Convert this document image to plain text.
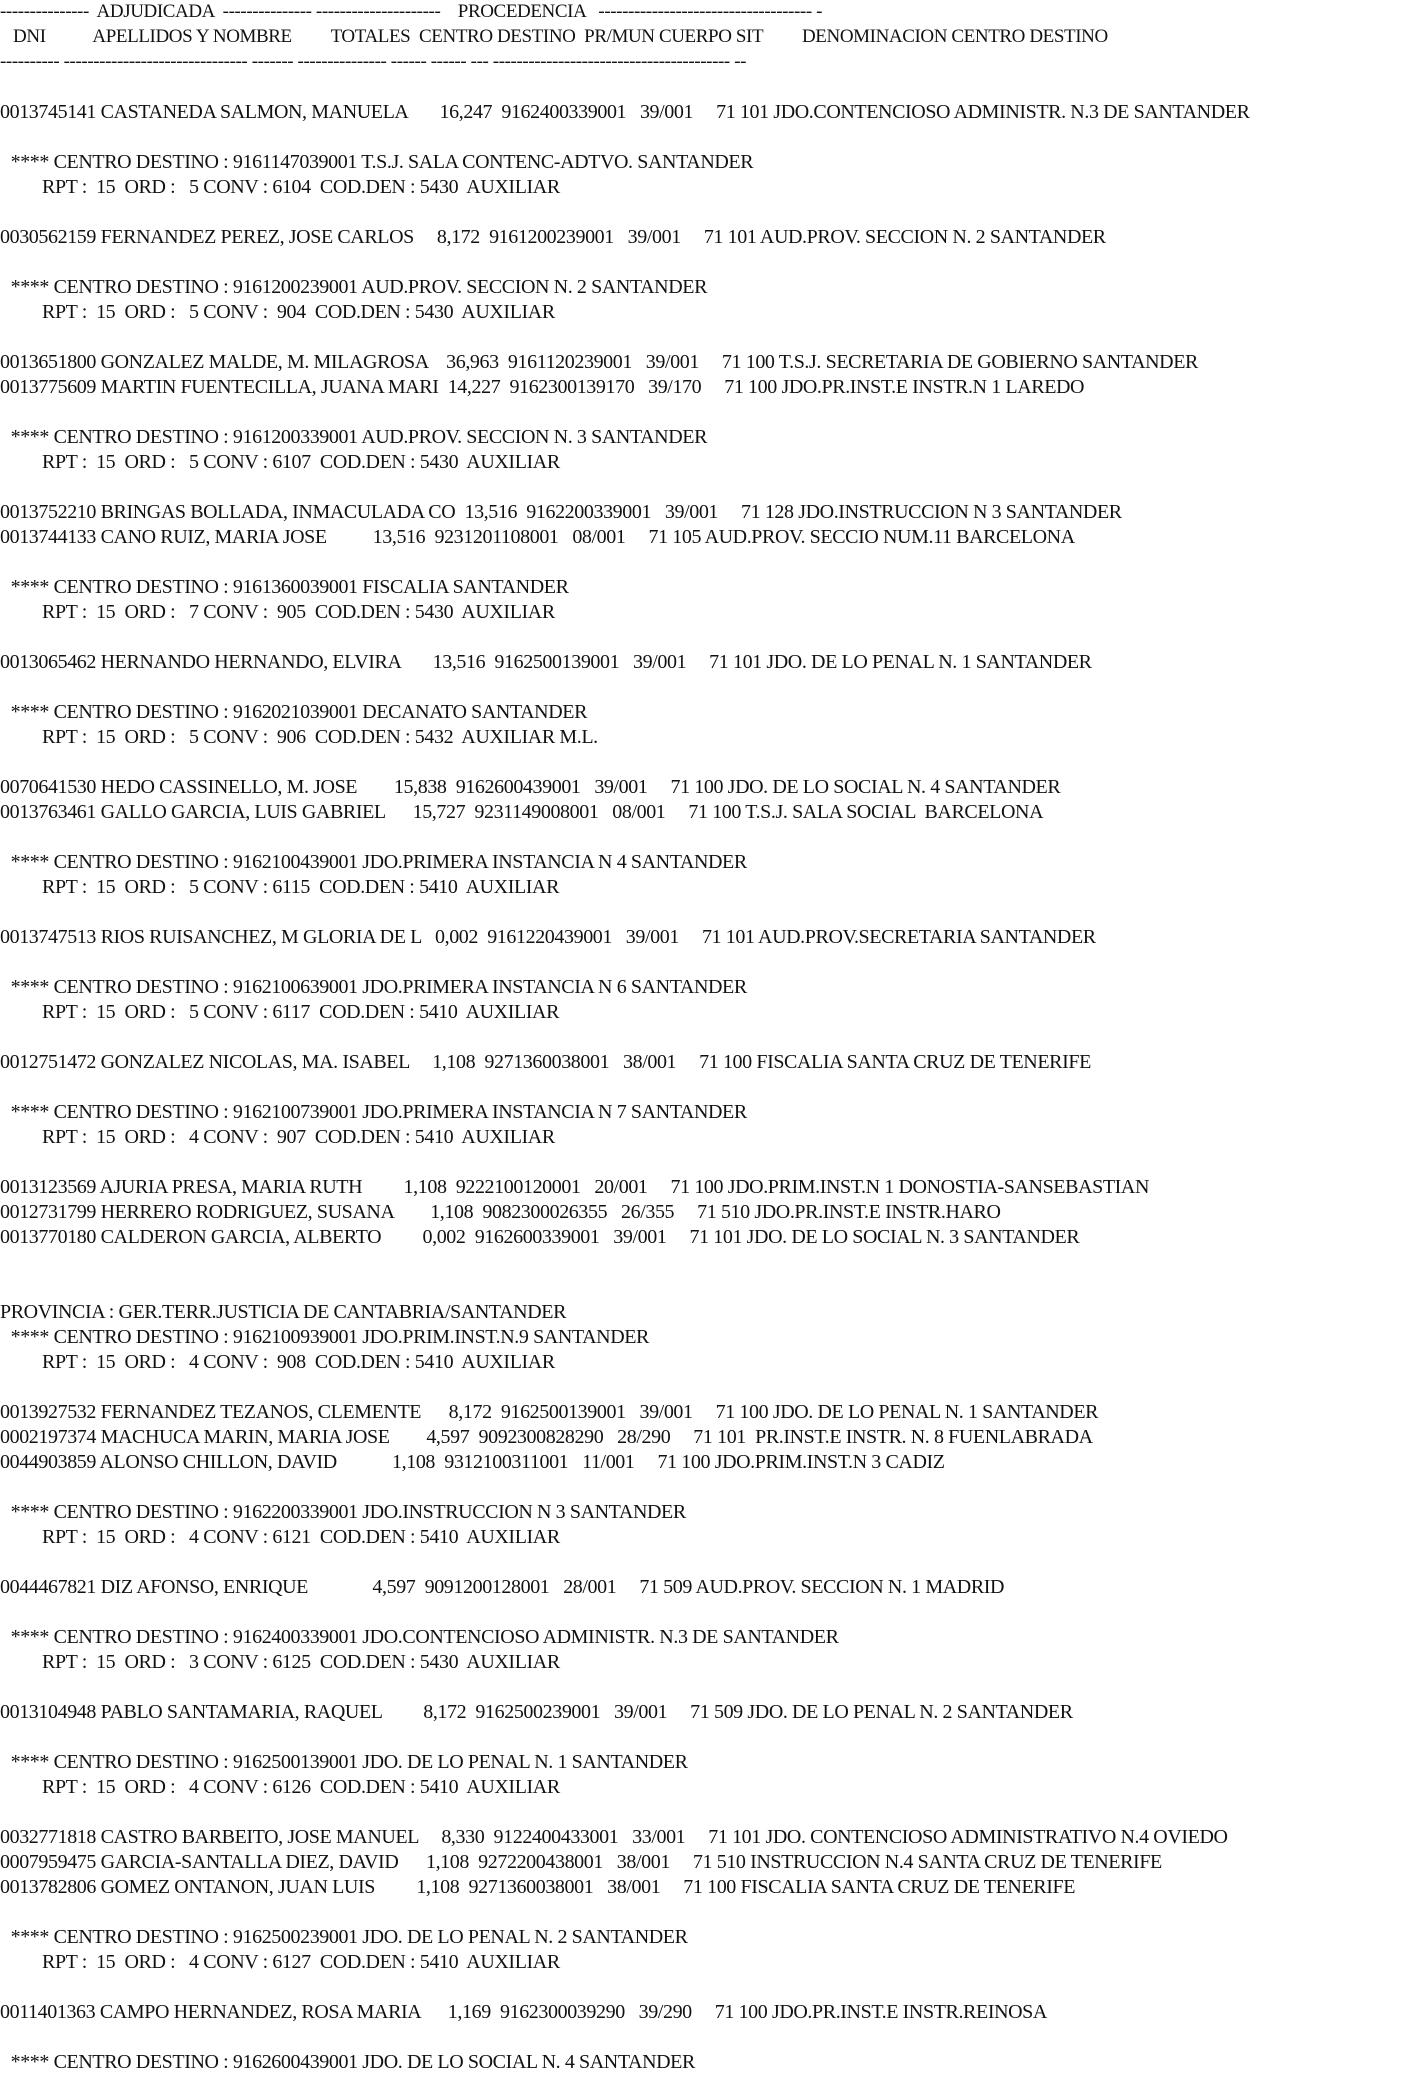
---------------  ADJUDICADA  --------------- ---------------------    PROCEDENCIA   ------------------------------------ -
DNI           APELLIDOS Y NOMBRE         TOTALES  CENTRO DESTINO  PR/MUN CUERPO SIT         DENOMINACION CENTRO DESTINO
---------- ------------------------------- ------- --------------- ------ ------ --- ---------------------------------------- --
0013745141 CASTANEDA SALMON, MANUELA       16,247  9162400339001   39/001     71 101 JDO.CONTENCIOSO ADMINISTR. N.3 DE SANTANDER
**** CENTRO DESTINO : 9161147039001 T.S.J. SALA CONTENC-ADTVO. SANTANDER
RPT :  15  ORD :   5 CONV : 6104  COD.DEN : 5430  AUXILIAR
0030562159 FERNANDEZ PEREZ, JOSE CARLOS     8,172  9161200239001   39/001     71 101 AUD.PROV. SECCION N. 2 SANTANDER
**** CENTRO DESTINO : 9161200239001 AUD.PROV. SECCION N. 2 SANTANDER
RPT :  15  ORD :   5 CONV :  904  COD.DEN : 5430  AUXILIAR
0013651800 GONZALEZ MALDE, M. MILAGROSA    36,963  9161120239001   39/001     71 100 T.S.J. SECRETARIA DE GOBIERNO SANTANDER
0013775609 MARTIN FUENTECILLA, JUANA MARI  14,227  9162300139170   39/170     71 100 JDO.PR.INST.E INSTR.N 1 LAREDO
**** CENTRO DESTINO : 9161200339001 AUD.PROV. SECCION N. 3 SANTANDER
RPT :  15  ORD :   5 CONV : 6107  COD.DEN : 5430  AUXILIAR
0013752210 BRINGAS BOLLADA, INMACULADA CO  13,516  9162200339001   39/001     71 128 JDO.INSTRUCCION N 3 SANTANDER
0013744133 CANO RUIZ, MARIA JOSE          13,516  9231201108001   08/001     71 105 AUD.PROV. SECCIO NUM.11 BARCELONA
**** CENTRO DESTINO : 9161360039001 FISCALIA SANTANDER
RPT :  15  ORD :   7 CONV :  905  COD.DEN : 5430  AUXILIAR
0013065462 HERNANDO HERNANDO, ELVIRA       13,516  9162500139001   39/001     71 101 JDO. DE LO PENAL N. 1 SANTANDER
**** CENTRO DESTINO : 9162021039001 DECANATO SANTANDER
RPT :  15  ORD :   5 CONV :  906  COD.DEN : 5432  AUXILIAR M.L.
0070641530 HEDO CASSINELLO, M. JOSE        15,838  9162600439001   39/001     71 100 JDO. DE LO SOCIAL N. 4 SANTANDER
0013763461 GALLO GARCIA, LUIS GABRIEL      15,727  9231149008001   08/001     71 100 T.S.J. SALA SOCIAL  BARCELONA
**** CENTRO DESTINO : 9162100439001 JDO.PRIMERA INSTANCIA N 4 SANTANDER
RPT :  15  ORD :   5 CONV : 6115  COD.DEN : 5410  AUXILIAR
0013747513 RIOS RUISANCHEZ, M GLORIA DE L   0,002  9161220439001   39/001     71 101 AUD.PROV.SECRETARIA SANTANDER
**** CENTRO DESTINO : 9162100639001 JDO.PRIMERA INSTANCIA N 6 SANTANDER
RPT :  15  ORD :   5 CONV : 6117  COD.DEN : 5410  AUXILIAR
0012751472 GONZALEZ NICOLAS, MA. ISABEL     1,108  9271360038001   38/001     71 100 FISCALIA SANTA CRUZ DE TENERIFE
**** CENTRO DESTINO : 9162100739001 JDO.PRIMERA INSTANCIA N 7 SANTANDER
RPT :  15  ORD :   4 CONV :  907  COD.DEN : 5410  AUXILIAR
0013123569 AJURIA PRESA, MARIA RUTH         1,108  9222100120001   20/001     71 100 JDO.PRIM.INST.N 1 DONOSTIA-SANSEBASTIAN
0012731799 HERRERO RODRIGUEZ, SUSANA        1,108  9082300026355   26/355     71 510 JDO.PR.INST.E INSTR.HARO
0013770180 CALDERON GARCIA, ALBERTO         0,002  9162600339001   39/001     71 101 JDO. DE LO SOCIAL N. 3 SANTANDER
PROVINCIA : GER.TERR.JUSTICIA DE CANTABRIA/SANTANDER
**** CENTRO DESTINO : 9162100939001 JDO.PRIM.INST.N.9 SANTANDER
RPT :  15  ORD :   4 CONV :  908  COD.DEN : 5410  AUXILIAR
0013927532 FERNANDEZ TEZANOS, CLEMENTE      8,172  9162500139001   39/001     71 100 JDO. DE LO PENAL N. 1 SANTANDER
0002197374 MACHUCA MARIN, MARIA JOSE        4,597  9092300828290   28/290     71 101  PR.INST.E INSTR. N. 8 FUENLABRADA
0044903859 ALONSO CHILLON, DAVID            1,108  9312100311001   11/001     71 100 JDO.PRIM.INST.N 3 CADIZ
**** CENTRO DESTINO : 9162200339001 JDO.INSTRUCCION N 3 SANTANDER
RPT :  15  ORD :   4 CONV : 6121  COD.DEN : 5410  AUXILIAR
0044467821 DIZ AFONSO, ENRIQUE              4,597  9091200128001   28/001     71 509 AUD.PROV. SECCION N. 1 MADRID
**** CENTRO DESTINO : 9162400339001 JDO.CONTENCIOSO ADMINISTR. N.3 DE SANTANDER
RPT :  15  ORD :   3 CONV : 6125  COD.DEN : 5430  AUXILIAR
0013104948 PABLO SANTAMARIA, RAQUEL         8,172  9162500239001   39/001     71 509 JDO. DE LO PENAL N. 2 SANTANDER
**** CENTRO DESTINO : 9162500139001 JDO. DE LO PENAL N. 1 SANTANDER
RPT :  15  ORD :   4 CONV : 6126  COD.DEN : 5410  AUXILIAR
0032771818 CASTRO BARBEITO, JOSE MANUEL     8,330  9122400433001   33/001     71 101 JDO. CONTENCIOSO ADMINISTRATIVO N.4 OVIEDO
0007959475 GARCIA-SANTALLA DIEZ, DAVID      1,108  9272200438001   38/001     71 510 INSTRUCCION N.4 SANTA CRUZ DE TENERIFE
0013782806 GOMEZ ONTANON, JUAN LUIS         1,108  9271360038001   38/001     71 100 FISCALIA SANTA CRUZ DE TENERIFE
**** CENTRO DESTINO : 9162500239001 JDO. DE LO PENAL N. 2 SANTANDER
RPT :  15  ORD :   4 CONV : 6127  COD.DEN : 5410  AUXILIAR
0011401363 CAMPO HERNANDEZ, ROSA MARIA      1,169  9162300039290   39/290     71 100 JDO.PR.INST.E INSTR.REINOSA
**** CENTRO DESTINO : 9162600439001 JDO. DE LO SOCIAL N. 4 SANTANDER
